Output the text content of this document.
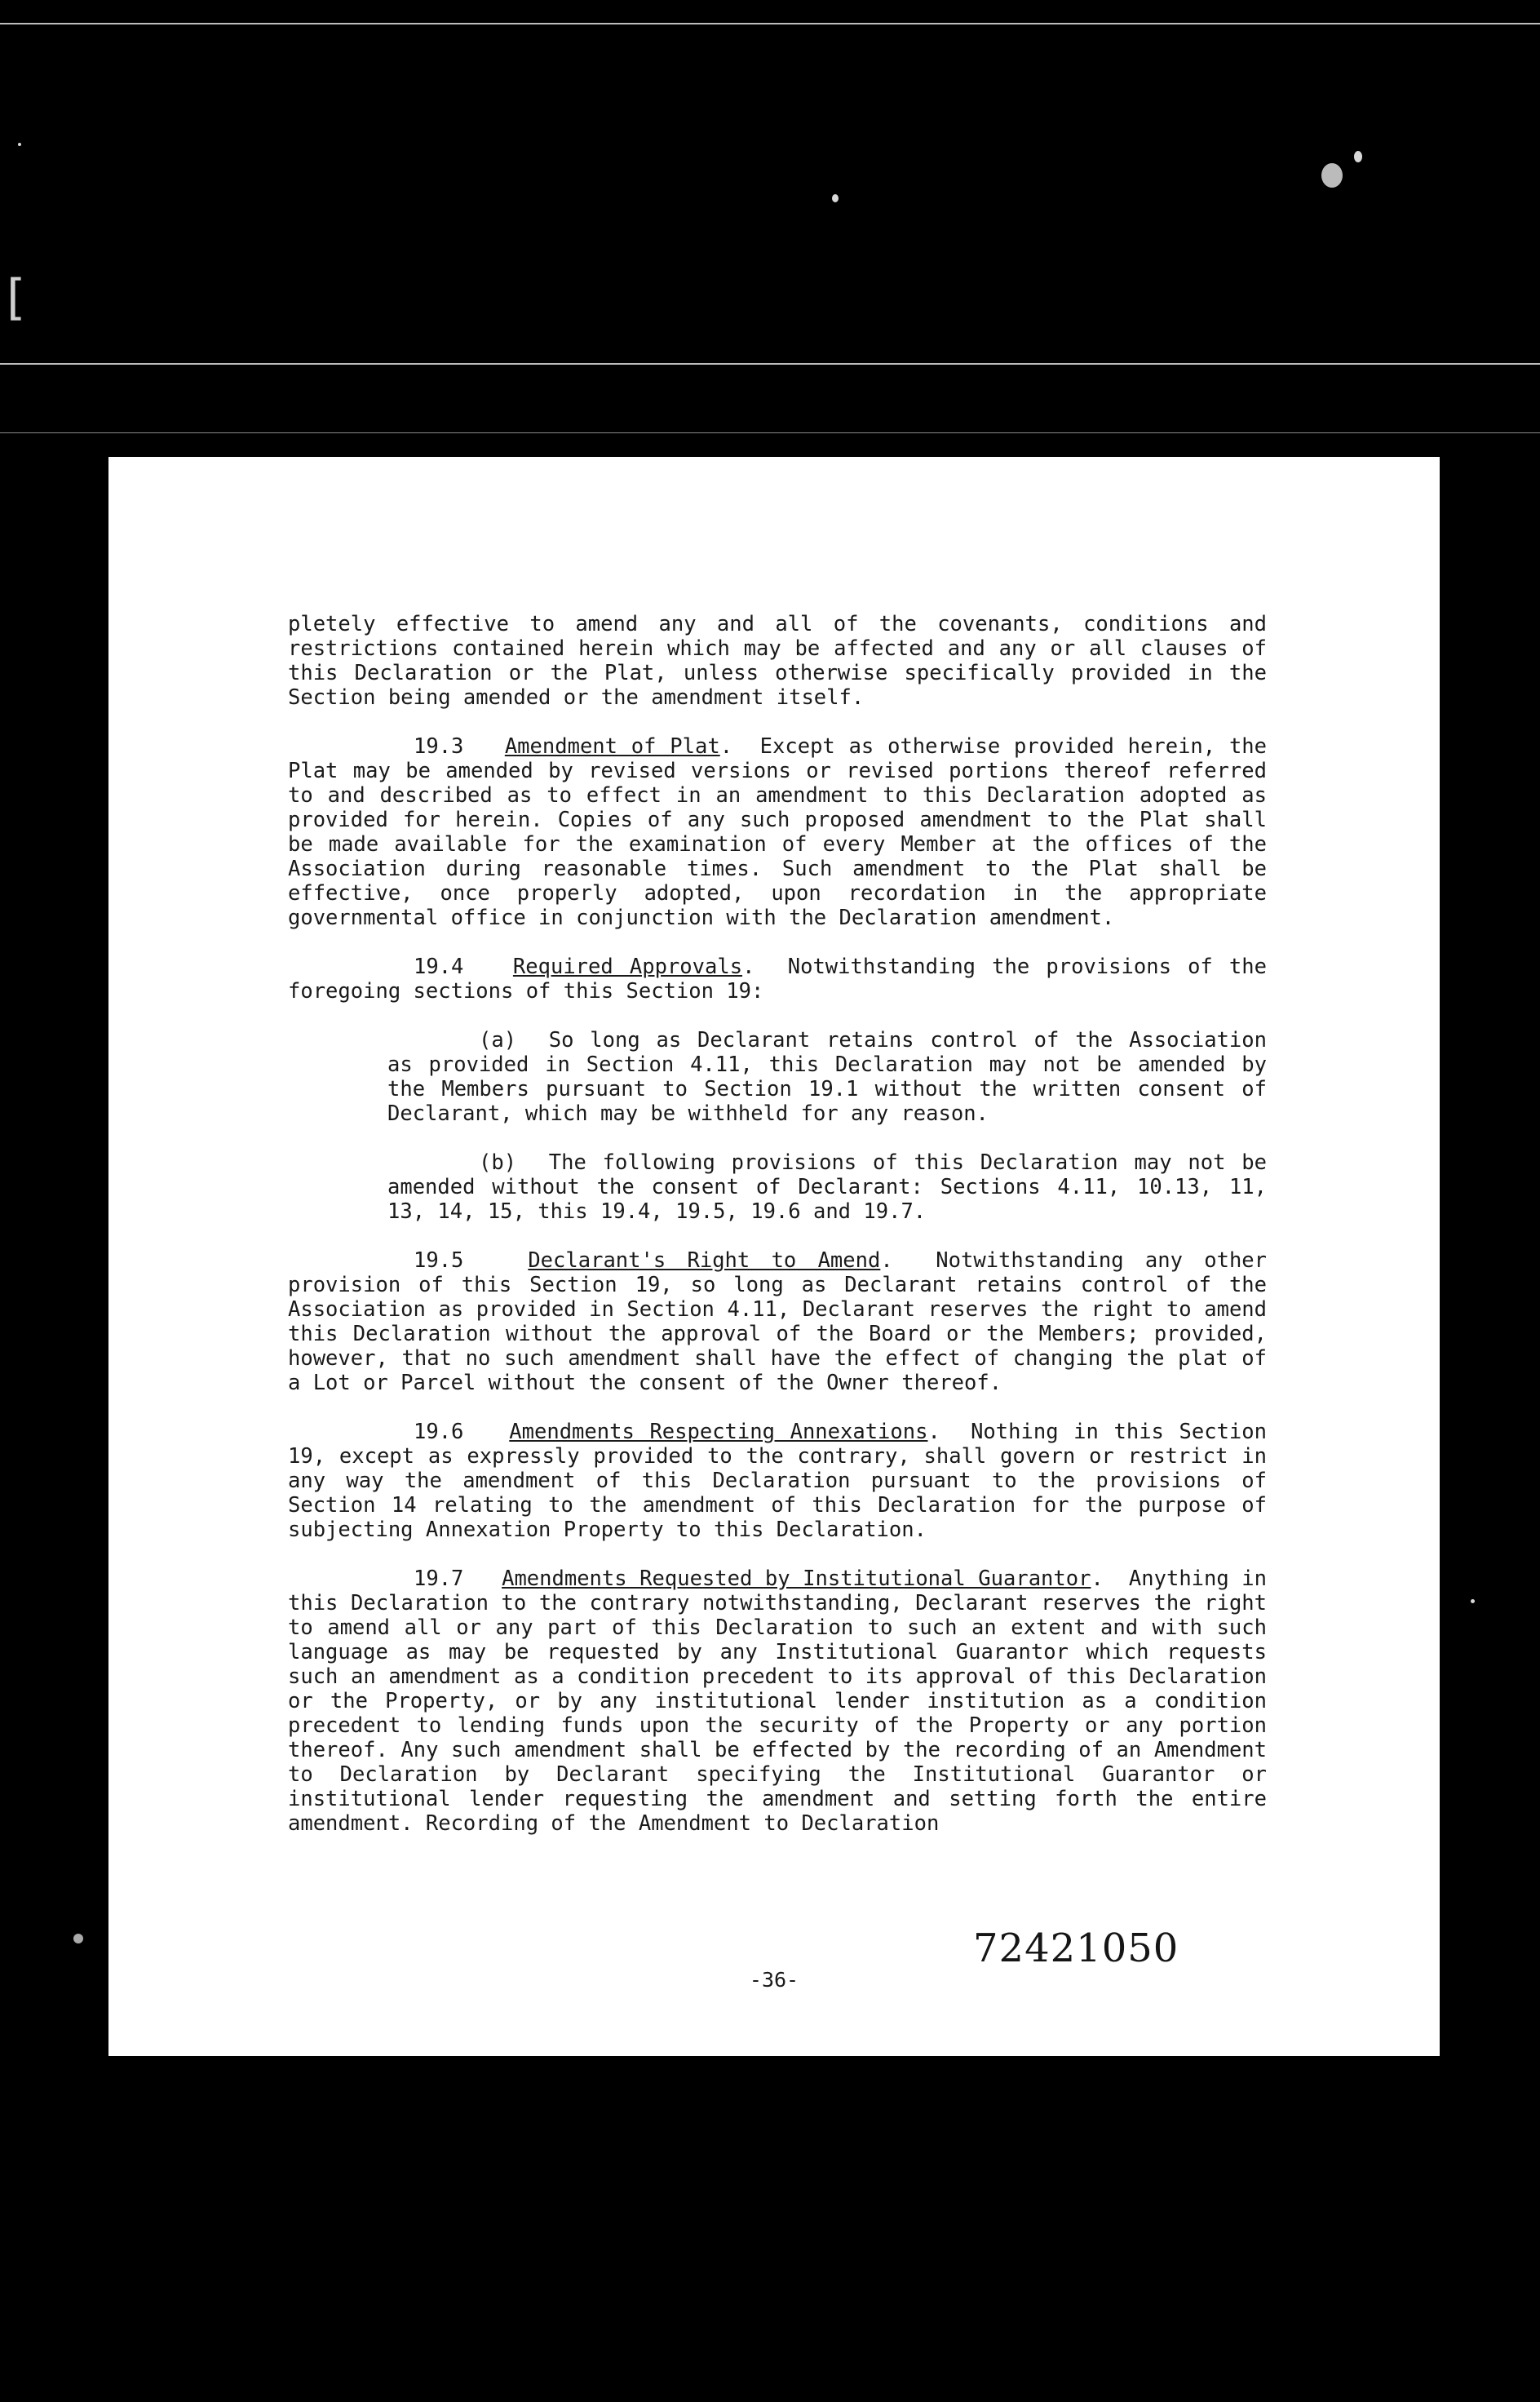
[

pletely effective to amend any and all of the covenants, conditions and restrictions contained herein which may be affected and any or all clauses of this Declaration or the Plat, unless otherwise specifically provided in the Section being amended or the amendment itself.

19.3 Amendment of Plat.  Except as otherwise provided herein, the Plat may be amended by revised versions or revised portions thereof referred to and described as to effect in an amendment to this Declaration adopted as provided for herein. Copies of any such proposed amendment to the Plat shall be made available for the examination of every Member at the offices of the Association during reasonable times. Such amendment to the Plat shall be effective, once properly adopted, upon recordation in the appropriate governmental office in conjunction with the Declaration amendment.

19.4 Required Approvals.  Notwithstanding the provisions of the foregoing sections of this Section 19:

(a) So long as Declarant retains control of the Association as provided in Section 4.11, this Declaration may not be amended by the Members pursuant to Section 19.1 without the written consent of Declarant, which may be withheld for any reason.

(b) The following provisions of this Declaration may not be amended without the consent of Declarant: Sections 4.11, 10.13, 11, 13, 14, 15, this 19.4, 19.5, 19.6 and 19.7.

19.5	Declarant's Right to Amend.  Notwithstanding any other provision of this Section 19, so long as Declarant retains control of the Association as provided in Section 4.11, Declarant reserves the right to amend this Declaration without the approval of the Board or the Members; provided, however, that no such amendment shall have the effect of changing the plat of a Lot or Parcel without the consent of the Owner thereof.

19.6 Amendments Respecting Annexations.  Nothing in this Section 19, except as expressly provided to the contrary, shall govern or restrict in any way the amendment of this Declaration pursuant to the provisions of Section 14 relating to the amendment of this Declaration for the purpose of subjecting Annexation Property to this Declaration.

19.7 Amendments Requested by Institutional Guarantor.  Anything in this Declaration to the contrary notwithstanding, Declarant reserves the right to amend all or any part of this Declaration to such an extent and with such language as may be requested by any Institutional Guarantor which requests such an amendment as a condition precedent to its approval of this Declaration or the Property, or by any institutional lender institution as a condition precedent to lending funds upon the security of the Property or any portion thereof. Any such amendment shall be effected by the recording of an Amendment to Declaration by Declarant specifying the Institutional Guarantor or institutional lender requesting the amendment and setting forth the entire amendment. Recording of the Amendment to Declaration

72421050
-36-
